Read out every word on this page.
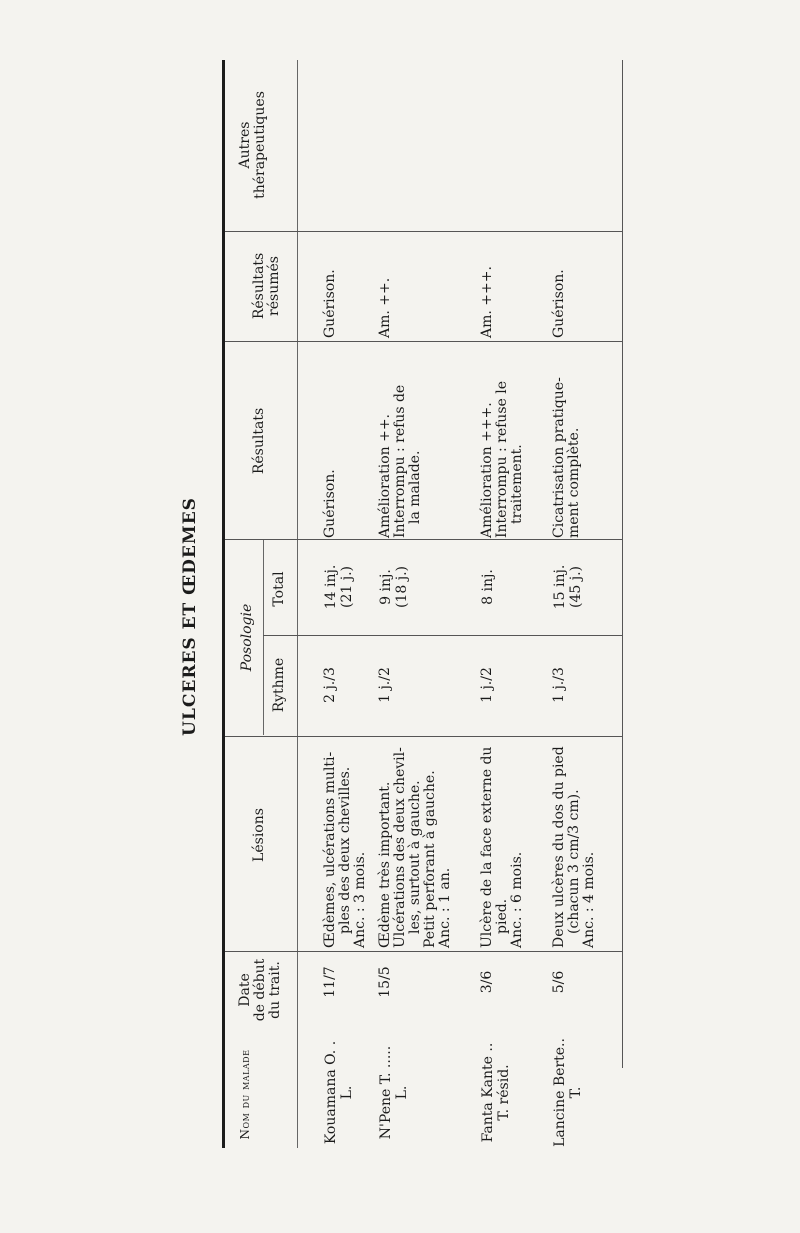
ULCERES ET ŒDEMES
Nom du malade
Date de début du trait.
Lésions
Posologie
Rythme
Total
Résultats
Résultats résumés
Autres thérapeutiques
Kouamana O. . L.
11/7
Œdèmes, ulcérations multi- ples des deux chevilles. Anc. : 3 mois.
2 j./3
14 inj. (21 j.)
Guérison.
Guérison.
N'Pene T. ..... L.
15/5
Œdème très important. Ulcérations des deux chevil- les, surtout à gauche. Petit perforant à gauche. Anc. : 1 an.
1 j./2
9 inj. (18 j.)
Amélioration ++. Interrompu : refus de la malade.
Am. ++.
Fanta Kante .. T. résid.
3/6
Ulcère de la face externe du pied. Anc. : 6 mois.
1 j./2
8 inj.
Amélioration +++. Interrompu : refuse le traitement.
Am. +++.
Lancine Berte.. T.
5/6
Deux ulcères du dos du pied (chacun 3 cm/3 cm). Anc. : 4 mois.
1 j./3
15 inj. (45 j.)
Cicatrisation pratique- ment complète.
Guérison.
